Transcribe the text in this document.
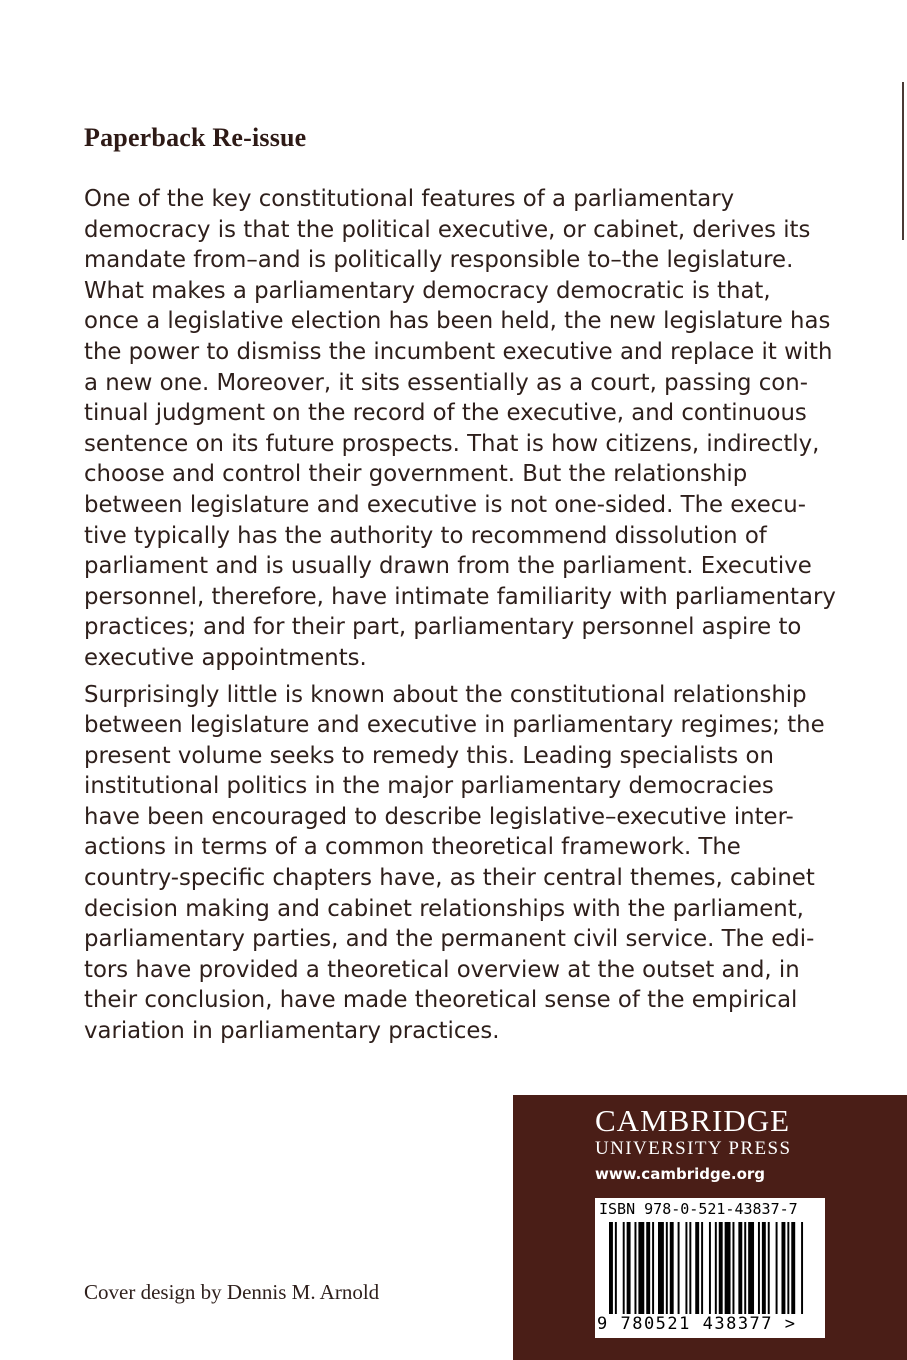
Paperback Re-issue

One of the key constitutional features of a parliamentary
democracy is that the political executive, or cabinet, derives its
mandate from–and is politically responsible to–the legislature.
What makes a parliamentary democracy democratic is that,
once a legislative election has been held, the new legislature has
the power to dismiss the incumbent executive and replace it with
a new one. Moreover, it sits essentially as a court, passing con-
tinual judgment on the record of the executive, and continuous
sentence on its future prospects. That is how citizens, indirectly,
choose and control their government. But the relationship
between legislature and executive is not one-sided. The execu-
tive typically has the authority to recommend dissolution of
parliament and is usually drawn from the parliament. Executive
personnel, therefore, have intimate familiarity with parliamentary
practices; and for their part, parliamentary personnel aspire to
executive appointments.

Surprisingly little is known about the constitutional relationship
between legislature and executive in parliamentary regimes; the
present volume seeks to remedy this. Leading specialists on
institutional politics in the major parliamentary democracies
have been encouraged to describe legislative–executive inter-
actions in terms of a common theoretical framework. The
country-specific chapters have, as their central themes, cabinet
decision making and cabinet relationships with the parliament,
parliamentary parties, and the permanent civil service. The edi-
tors have provided a theoretical overview at the outset and, in
their conclusion, have made theoretical sense of the empirical
variation in parliamentary practices.

Cover design by Dennis M. Arnold
CAMBRIDGE
UNIVERSITY PRESS
www.cambridge.org
ISBN 978-0-521-43837-7
9 780521 438377 >
